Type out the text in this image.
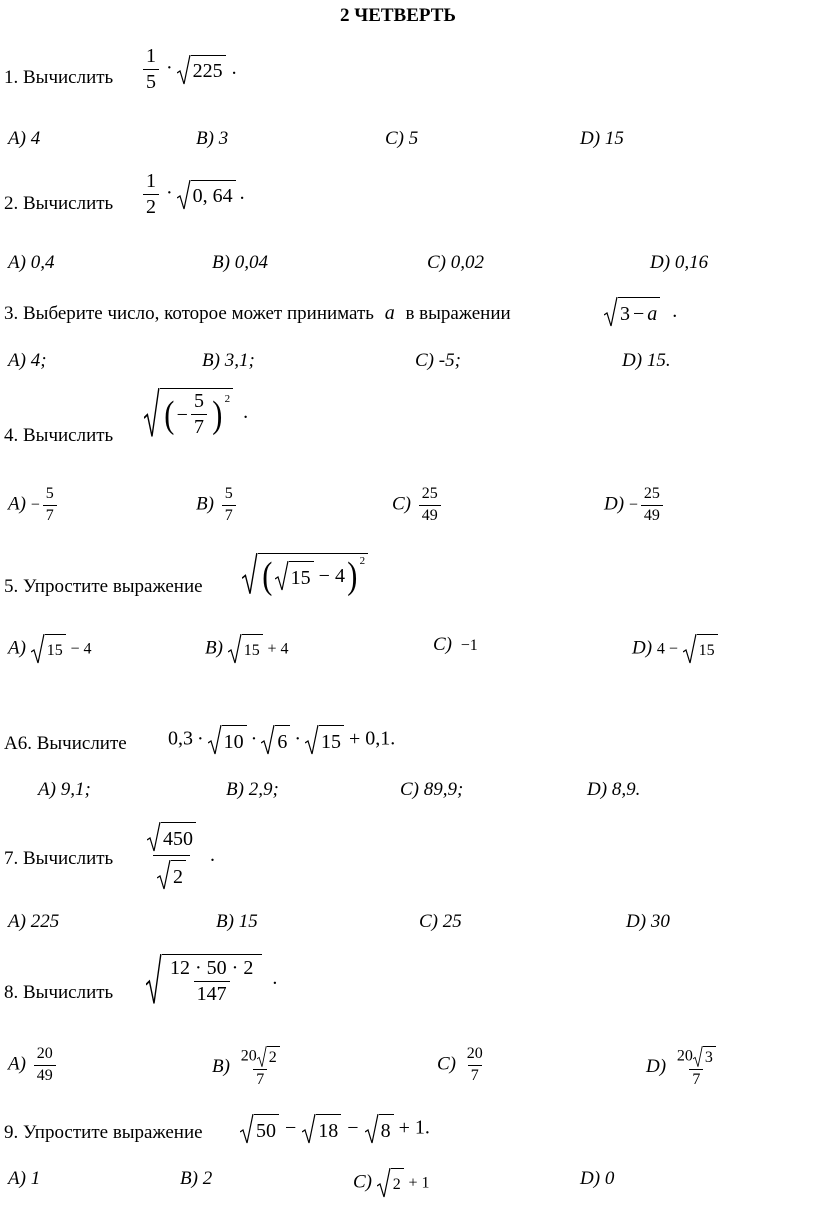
2 ЧЕТВЕРТЬ
1. Вычислить $\frac{1}{5} \cdot 225$ .
А) 4	В) 3	С) 5	D) 15
2. Вычислить $\frac{1}{2} \cdot 0$, 64 .
А) 0,4	В) 0,04	С) 0,02	D) 0,16
3. Выберите число, которое может принимать a в выражении	3 − a .
А) 4;	В) 3,1;	С) -5;	D) 15.
4. Вычислить ( − $\frac{5}{7} )^2$
.
$А) - \frac{5}{7}$	$В) \frac{5}{7}$	$С) \frac{25}{49}$	$D) - \frac{25}{49}$
5. Упростите выражение ( 15 − 4 )$^2$
А) 15 − 4	В) 15 + 4	С) −1	D) 4 − 15
А6. Вычислите 0,3 · 10 · 6 · 15 + 0,1.
А) 9,1;	В) 2,9;	С) 89,9;	D) 8,9.
7. Вычислить $\frac{450}{2}$ .
А) 225	В) 15	С) 25	D) 30
8. Вычислить	$\frac{12 \cdot 50 \cdot 2}{147}$ .
$А) \frac{20}{49}$	$В) \frac{20 2}{7}$	$С) \frac{20}{7}$	$D) \frac{20 3}{7}$
9. Упростите выражение	50 − 18 − 8 + 1.
А) 1	В) 2	С) 2 + 1	D) 0
